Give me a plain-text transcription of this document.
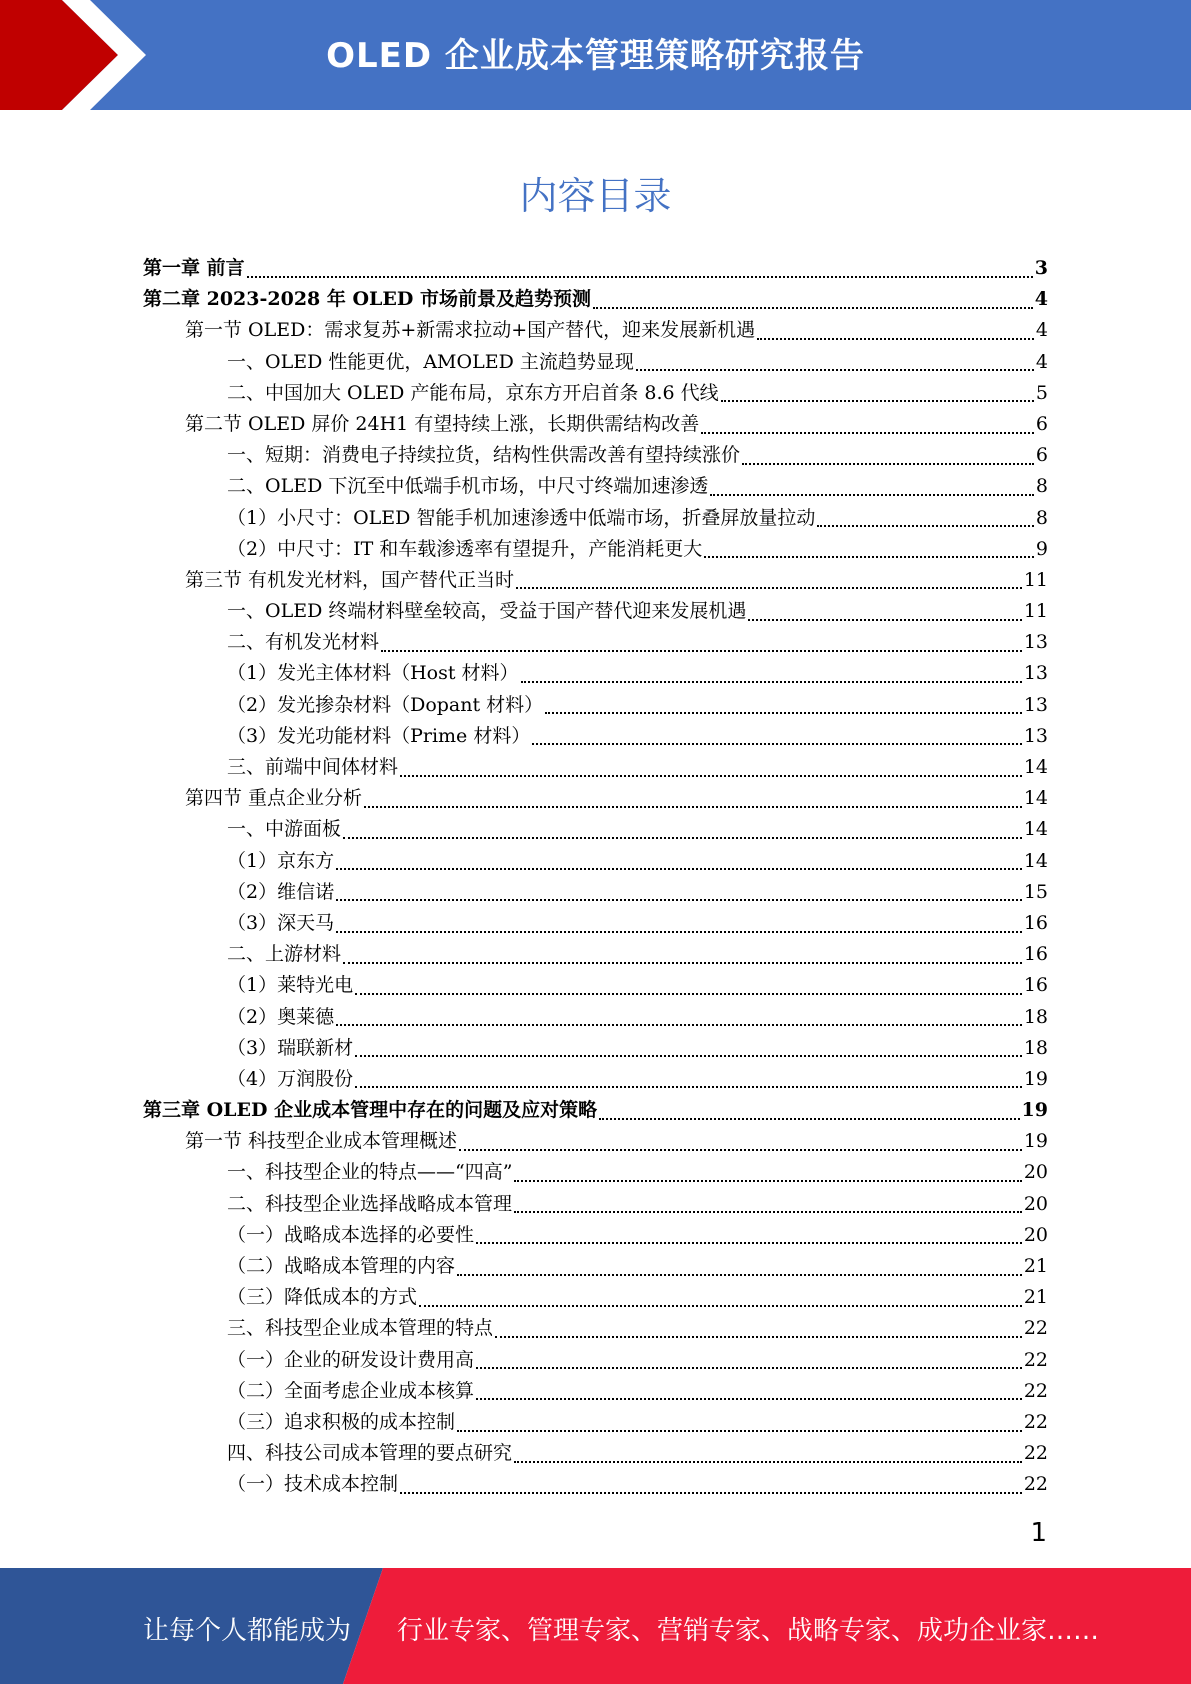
OLED 企业成本管理策略研究报告
内容目录
第一章 前言	3
第二章 2023-2028 年 OLED 市场前景及趋势预测	4
第一节 OLED：需求复苏+新需求拉动+国产替代，迎来发展新机遇	4
一、OLED 性能更优，AMOLED 主流趋势显现	4
二、中国加大 OLED 产能布局，京东方开启首条 8.6 代线	5
第二节 OLED 屏价 24H1 有望持续上涨，长期供需结构改善	6
一、短期：消费电子持续拉货，结构性供需改善有望持续涨价	6
二、OLED 下沉至中低端手机市场，中尺寸终端加速渗透	8
（1）小尺寸：OLED 智能手机加速渗透中低端市场，折叠屏放量拉动	8
（2）中尺寸：IT 和车载渗透率有望提升，产能消耗更大	9
第三节 有机发光材料，国产替代正当时	11
一、OLED 终端材料壁垒较高，受益于国产替代迎来发展机遇	11
二、有机发光材料	13
（1）发光主体材料（Host 材料）	13
（2）发光掺杂材料（Dopant 材料）	13
（3）发光功能材料（Prime 材料）	13
三、前端中间体材料	14
第四节 重点企业分析	14
一、中游面板	14
（1）京东方	14
（2）维信诺	15
（3）深天马	16
二、上游材料	16
（1）莱特光电	16
（2）奥莱德	18
（3）瑞联新材	18
（4）万润股份	19
第三章 OLED 企业成本管理中存在的问题及应对策略	19
第一节 科技型企业成本管理概述	19
一、科技型企业的特点——“四高”	20
二、科技型企业选择战略成本管理	20
（一）战略成本选择的必要性	20
（二）战略成本管理的内容	21
（三）降低成本的方式	21
三、科技型企业成本管理的特点	22
（一）企业的研发设计费用高	22
（二）全面考虑企业成本核算	22
（三）追求积极的成本控制	22
四、科技公司成本管理的要点研究	22
（一）技术成本控制	22
1
让每个人都能成为 行业专家、管理专家、营销专家、战略专家、成功企业家……
